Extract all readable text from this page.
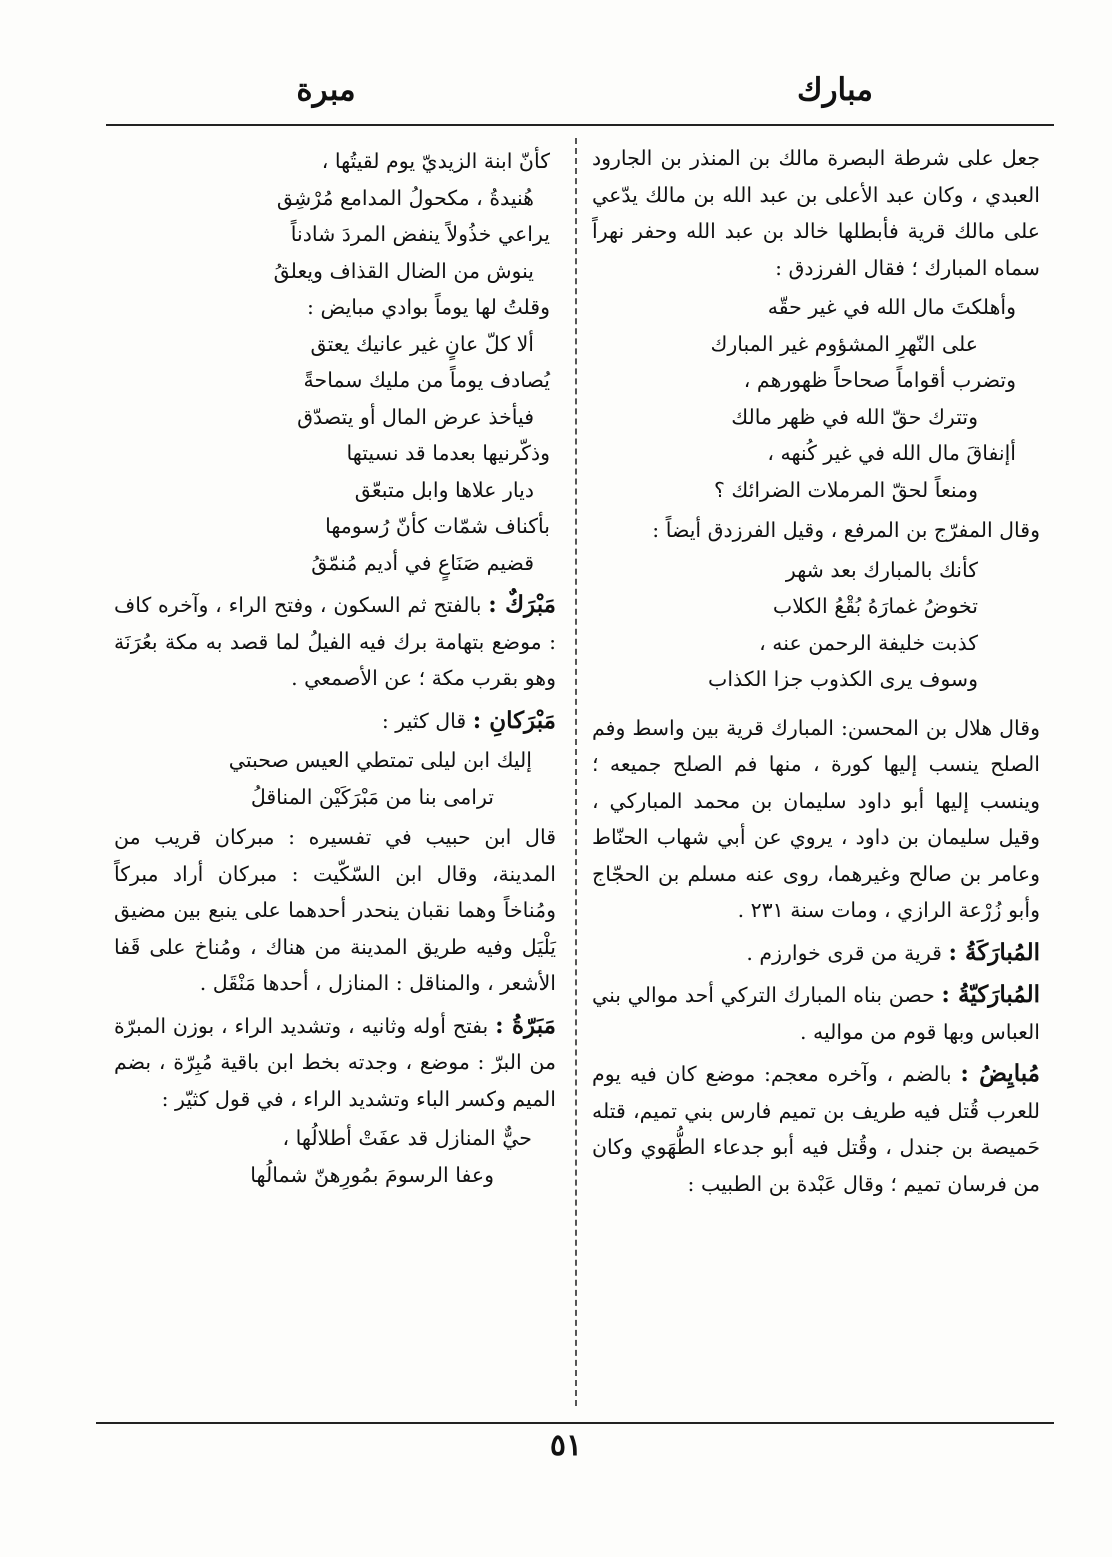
مبارك
مبرة

جعل على شرطة البصرة مالك بن المنذر بن الجارود العبدي ، وكان عبد الأعلى بن عبد الله بن مالك يدّعي على مالك قرية فأبطلها خالد بن عبد الله وحفر نهراً سماه المبارك ؛ فقال الفرزدق :

وأهلكتَ مال الله في غير حقّه
على النّهرِ المشؤوم غير المبارك
وتضرب أقواماً صحاحاً ظهورهم ،
وتترك حقّ الله في ظهر مالك
أإنفاقَ مال الله في غير كُنهه ،
ومنعاً لحقّ المرملات الضرائك ؟

وقال المفرّج بن المرفع ، وقيل الفرزدق أيضاً :

كأنك بالمبارك بعد شهر
تخوضُ غمارَهُ بُقْعُ الكلاب
كذبت خليفة الرحمن عنه ،
وسوف يرى الكذوب جزا الكذاب

وقال هلال بن المحسن: المبارك قرية بين واسط وفم الصلح ينسب إليها كورة ، منها فم الصلح جميعه ؛ وينسب إليها أبو داود سليمان بن محمد المباركي ، وقيل سليمان بن داود ، يروي عن أبي شهاب الحنّاط وعامر بن صالح وغيرهما، روى عنه مسلم بن الحجّاج وأبو زُرْعة الرازي ، ومات سنة ٢٣١ .

المُبارَكَةُ : قرية من قرى خوارزم .

المُبارَكيّةُ : حصن بناه المبارك التركي أحد موالي بني العباس وبها قوم من مواليه .

مُبايِضُ : بالضم ، وآخره معجم: موضع كان فيه يوم للعرب قُتل فيه طريف بن تميم فارس بني تميم، قتله حَميصة بن جندل ، وقُتل فيه أبو جدعاء الطُّهَوي وكان من فرسان تميم ؛ وقال عَبْدة بن الطبيب :

كأنّ ابنة الزيديّ يوم لقيتُها ،
هُنيدةُ ، مكحولُ المدامع مُرْشِق
يراعي خذُولاً ينفض المردَ شادناً
ينوش من الضال القذاف ويعلقُ
وقلتُ لها يوماً بوادي مبايض :
ألا كلّ عانٍ غير عانيك يعتق
يُصادف يوماً من مليك سماحةً
فيأخذ عرض المال أو يتصدّق
وذكّرنيها بعدما قد نسيتها
ديار علاها وابل متبعّق
بأكناف شمّات كأنّ رُسومها
قضيم صَنَاعٍ في أديم مُنمّقُ

مَبْرَكٌ : بالفتح ثم السكون ، وفتح الراء ، وآخره كاف : موضع بتهامة برك فيه الفيلُ لما قصد به مكة بعُرَنَة وهو بقرب مكة ؛ عن الأصمعي .

مَبْرَكانِ : قال كثير :

إليك ابن ليلى تمتطي العيس صحبتي
ترامى بنا من مَبْرَكَيْن المناقلُ

قال ابن حبيب في تفسيره : مبركان قريب من المدينة، وقال ابن السّكّيت : مبركان أراد مبركاً ومُناخاً وهما نقبان ينحدر أحدهما على ينبع بين مضيق يَلْيَل وفيه طريق المدينة من هناك ، ومُناخ على قَفا الأشعر ، والمناقل : المنازل ، أحدها مَنْقَل .

مَبَرّةُ : بفتح أوله وثانيه ، وتشديد الراء ، بوزن المبرّة من البرّ : موضع ، وجدته بخط ابن باقية مُبِرّة ، بضم الميم وكسر الباء وتشديد الراء ، في قول كثيّر :

حيٌّ المنازل قد عفَتْ أطلالُها ،
وعفا الرسومَ بمُورِهنّ شمالُها
٥١
